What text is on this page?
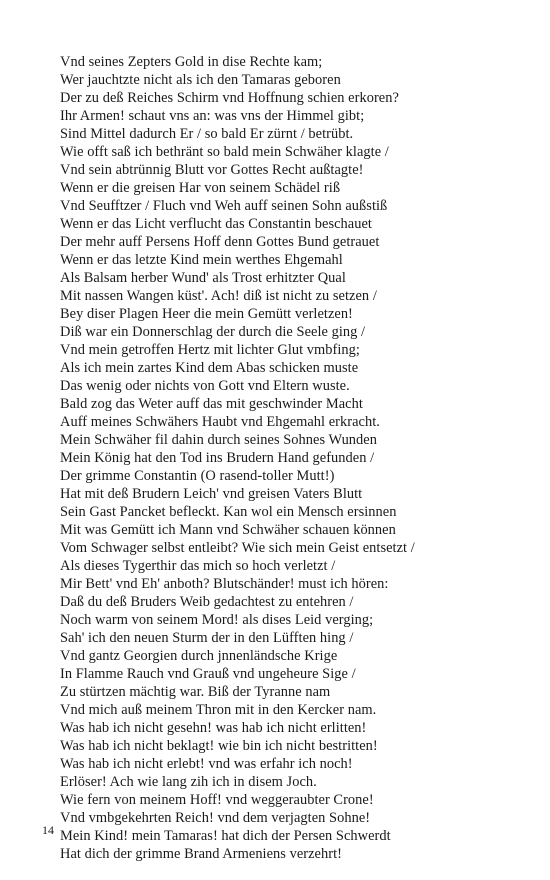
Vnd seines Zepters Gold in dise Rechte kam;
Wer jauchtzte nicht als ich den Tamaras geboren
Der zu deß Reiches Schirm vnd Hoffnung schien erkoren?
Ihr Armen! schaut vns an: was vns der Himmel gibt;
Sind Mittel dadurch Er / so bald Er zürnt / betrübt.
Wie offt saß ich bethränt so bald mein Schwäher klagte /
Vnd sein abtrünnig Blutt vor Gottes Recht außtagte!
Wenn er die greisen Har von seinem Schädel riß
Vnd Seufftzer / Fluch vnd Weh auff seinen Sohn außstiß
Wenn er das Licht verflucht das Constantin beschauet
Der mehr auff Persens Hoff denn Gottes Bund getrauet
Wenn er das letzte Kind mein werthes Ehgemahl
Als Balsam herber Wund' als Trost erhitzter Qual
Mit nassen Wangen küst'. Ach! diß ist nicht zu setzen /
Bey diser Plagen Heer die mein Gemütt verletzen!
Diß war ein Donnerschlag der durch die Seele ging /
Vnd mein getroffen Hertz mit lichter Glut vmbfing;
Als ich mein zartes Kind dem Abas schicken muste
Das wenig oder nichts von Gott vnd Eltern wuste.
Bald zog das Weter auff das mit geschwinder Macht
Auff meines Schwähers Haubt vnd Ehgemahl erkracht.
Mein Schwäher fil dahin durch seines Sohnes Wunden
Mein König hat den Tod ins Brudern Hand gefunden /
Der grimme Constantin (O rasend-toller Mutt!)
Hat mit deß Brudern Leich' vnd greisen Vaters Blutt
Sein Gast Pancket befleckt. Kan wol ein Mensch ersinnen
Mit was Gemütt ich Mann vnd Schwäher schauen können
Vom Schwager selbst entleibt? Wie sich mein Geist entsetzt /
Als dieses Tygerthir das mich so hoch verletzt /
Mir Bett' vnd Eh' anboth? Blutschänder! must ich hören:
Daß du deß Bruders Weib gedachtest zu entehren /
Noch warm von seinem Mord! als dises Leid verging;
Sah' ich den neuen Sturm der in den Lüfften hing /
Vnd gantz Georgien durch jnnenländsche Krige
In Flamme Rauch vnd Grauß vnd ungeheure Sige /
Zu stürtzen mächtig war. Biß der Tyranne nam
Vnd mich auß meinem Thron mit in den Kercker nam.
Was hab ich nicht gesehn! was hab ich nicht erlitten!
Was hab ich nicht beklagt! wie bin ich nicht bestritten!
Was hab ich nicht erlebt! vnd was erfahr ich noch!
Erlöser! Ach wie lang zih ich in disem Joch.
Wie fern von meinem Hoff! vnd weggeraubter Crone!
Vnd vmbgekehrten Reich! vnd dem verjagten Sohne!
Mein Kind! mein Tamaras! hat dich der Persen Schwerdt
Hat dich der grimme Brand Armeniens verzehrt!
14
